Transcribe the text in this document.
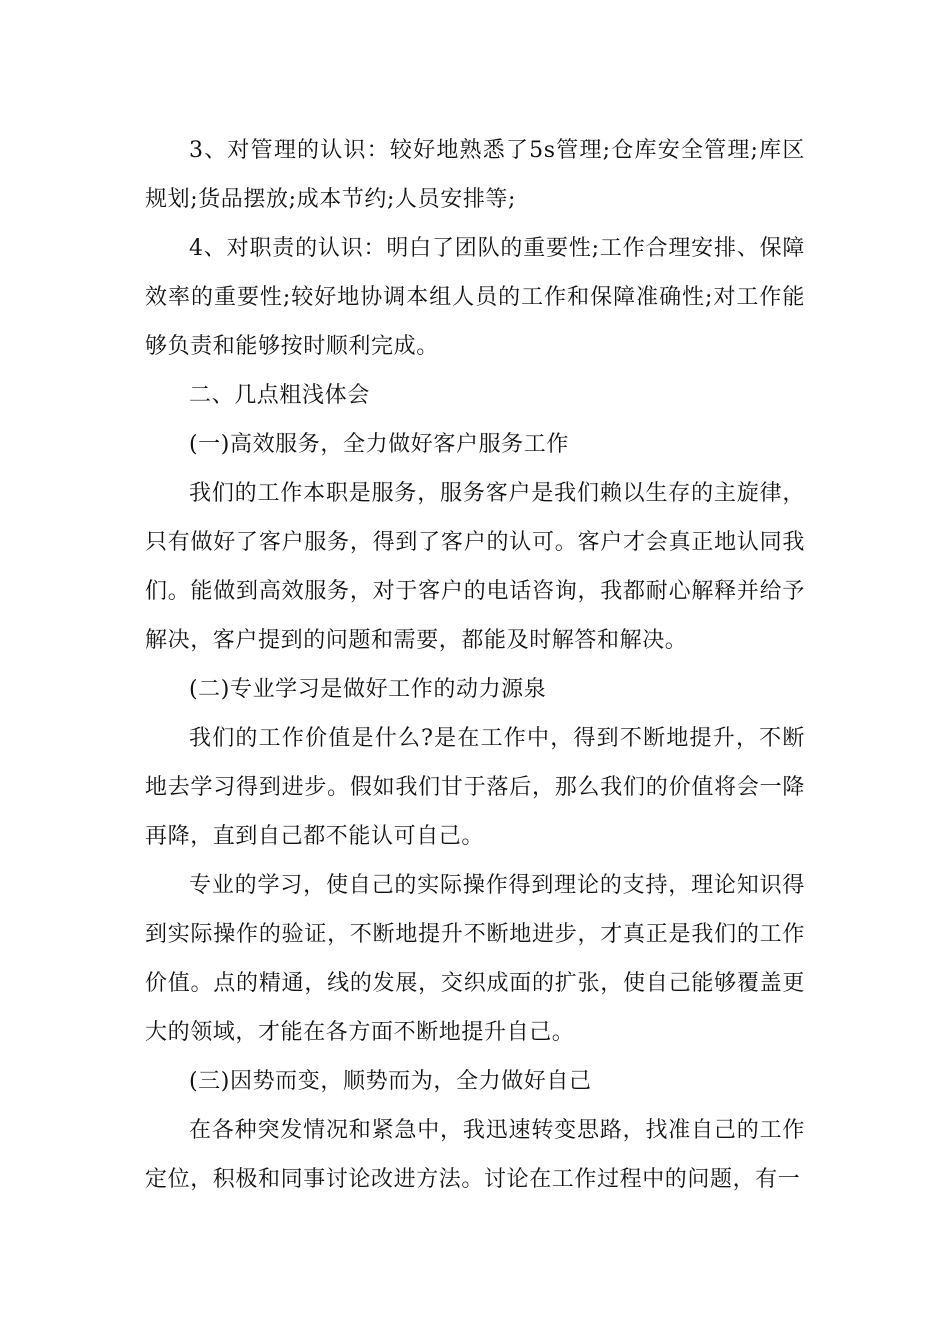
3、对管理的认识：较好地熟悉了5s管理;仓库安全管理;库区规划;货品摆放;成本节约;人员安排等;

4、对职责的认识：明白了团队的重要性;工作合理安排、保障效率的重要性;较好地协调本组人员的工作和保障准确性;对工作能够负责和能够按时顺利完成。

二、几点粗浅体会

(一)高效服务，全力做好客户服务工作

我们的工作本职是服务，服务客户是我们赖以生存的主旋律，只有做好了客户服务，得到了客户的认可。客户才会真正地认同我们。能做到高效服务，对于客户的电话咨询，我都耐心解释并给予解决，客户提到的问题和需要，都能及时解答和解决。

(二)专业学习是做好工作的动力源泉

我们的工作价值是什么?是在工作中，得到不断地提升，不断地去学习得到进步。假如我们甘于落后，那么我们的价值将会一降再降，直到自己都不能认可自己。

专业的学习，使自己的实际操作得到理论的支持，理论知识得到实际操作的验证，不断地提升不断地进步，才真正是我们的工作价值。点的精通，线的发展，交织成面的扩张，使自己能够覆盖更大的领域，才能在各方面不断地提升自己。

(三)因势而变，顺势而为，全力做好自己

在各种突发情况和紧急中，我迅速转变思路，找准自己的工作定位，积极和同事讨论改进方法。讨论在工作过程中的问题，有一
